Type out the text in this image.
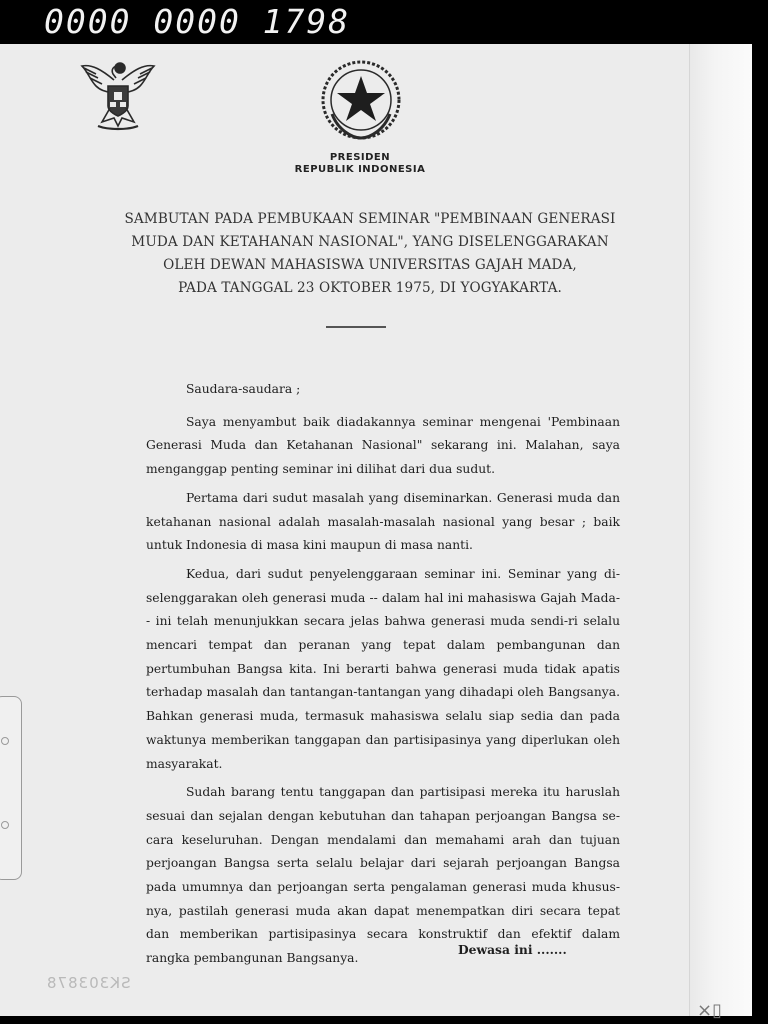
0000 0000 1798
PRESIDEN
REPUBLIK INDONESIA
SAMBUTAN PADA PEMBUKAAN SEMINAR "PEMBINAAN GENERASI
MUDA DAN KETAHANAN NASIONAL", YANG DISELENGGARAKAN
OLEH DEWAN MAHASISWA UNIVERSITAS GAJAH MADA,
PADA TANGGAL 23 OKTOBER 1975, DI YOGYAKARTA.

Saudara-saudara ;

Saya menyambut baik diadakannya seminar mengenai 'Pembinaan Generasi Muda dan Ketahanan Nasional" sekarang ini. Malahan, saya menganggap penting seminar ini dilihat dari dua sudut.

Pertama dari sudut masalah yang diseminarkan. Generasi muda dan ketahanan nasional adalah masalah-masalah nasional yang besar ; baik untuk Indonesia di masa kini maupun di masa nanti.

Kedua, dari sudut penyelenggaraan seminar ini. Seminar yang di-selenggarakan oleh generasi muda -- dalam hal ini mahasiswa Gajah Mada-- ini telah menunjukkan secara jelas bahwa generasi muda sendi-ri selalu mencari tempat dan peranan yang tepat dalam pembangunan dan pertumbuhan Bangsa kita. Ini berarti bahwa generasi muda tidak apatis terhadap masalah dan tantangan-tantangan yang dihadapi oleh Bangsanya. Bahkan generasi muda, termasuk mahasiswa selalu siap sedia dan pada waktunya memberikan tanggapan dan partisipasinya yang diperlukan oleh masyarakat.

Sudah barang tentu tanggapan dan partisipasi mereka itu haruslah sesuai dan sejalan dengan kebutuhan dan tahapan perjoangan Bangsa se-cara keseluruhan. Dengan mendalami dan memahami arah dan tujuan perjoangan Bangsa serta selalu belajar dari sejarah perjoangan Bangsa pada umumnya dan perjoangan serta pengalaman generasi muda khusus-nya, pastilah generasi muda akan dapat menempatkan diri secara tepat dan memberikan partisipasinya secara konstruktif dan efektif dalam rangka pembangunan Bangsanya.

Dewasa ini .......
SK303878
×▯
